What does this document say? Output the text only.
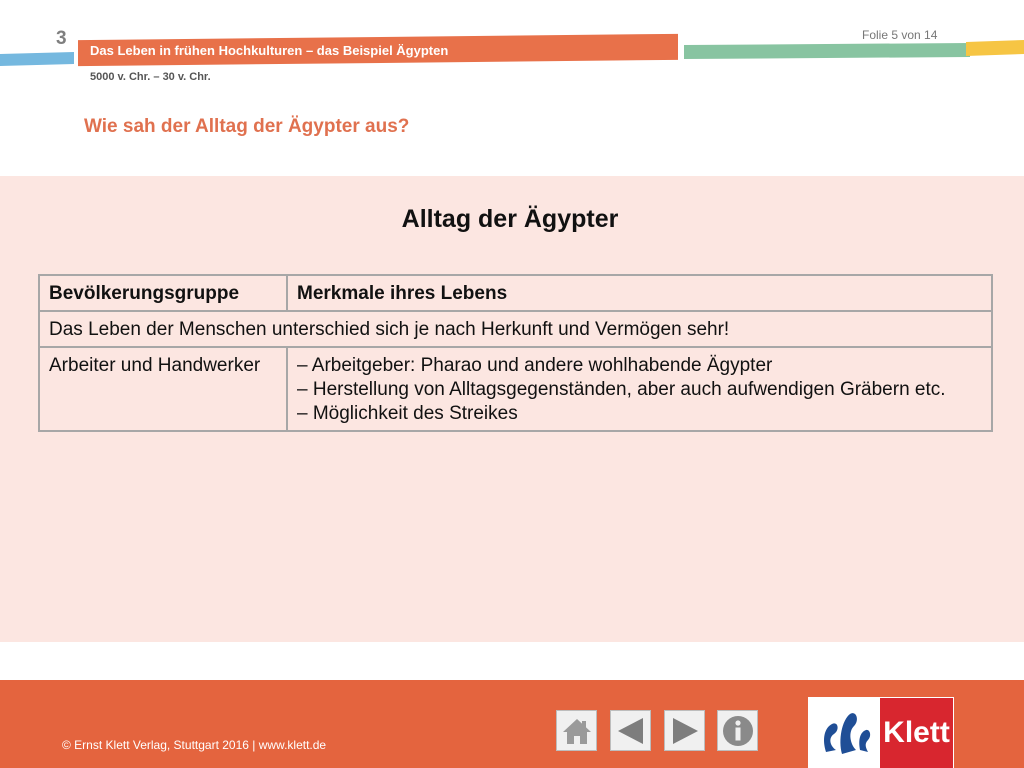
3
Das Leben in frühen Hochkulturen – das Beispiel Ägypten
5000 v. Chr. – 30 v. Chr.
Folie 5 von 14
Wie sah der Alltag der Ägypter aus?
Alltag der Ägypter
Bevölkerungsgruppe	Merkmale ihres Lebens
Das Leben der Menschen unterschied sich je nach Herkunft und Vermögen sehr!	
Arbeiter und Handwerker	– Arbeitgeber: Pharao und andere wohlhabende Ägypter
– Herstellung von Alltagsgegenständen, aber auch aufwendigen Gräbern etc.
– Möglichkeit des Streikes
© Ernst Klett Verlag, Stuttgart 2016 | www.klett.de	Klett
